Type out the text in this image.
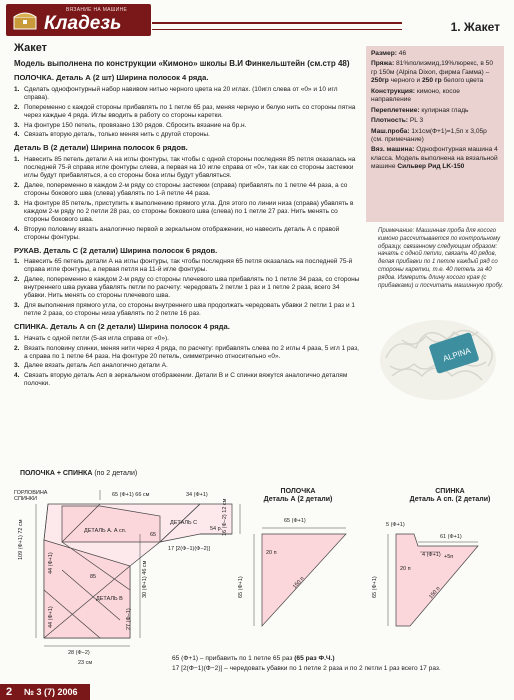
ВЯЗАНИЕ НА МАШИНЕ
Кладезь	1. Жакет
Жакет
Модель выполнена по конструкции «Кимоно» школы В.И Финкельштейн (см.стр 48)
ПОЛОЧКА. Деталь А (2 шт) Ширина полосок 4 ряда.
1. Сделать однофонтурный набор навивом нитью черного цвета на 20 иглах. (10игл слева от «0» и 10 игл справа).
2. Попеременно с каждой стороны прибавлять по 1 петле 65 раз, меняя черную и белую нить со стороны пятна через каждые 4 ряда. Иглы вводить в работу со стороны каретки.
3. На фонтуре 150 петель, провязано 130 рядов. Сбросить вязание на бр.н.
4. Связать вторую деталь, только меняя нить с другой стороны.
Деталь В (2 детали) Ширина полосок 6 рядов.
1. Навесить 85 петель детали А на иглы фонтуры, так чтобы с одной стороны последняя 85 петля оказалась на последней 75-й справа игле фонтуры слева, а первая на 10 игле справа от «0», так как со стороны застежки иглы будут прибавляться, а со стороны бока иглы будут убавляться.
2. Далее, попеременно в каждом 2-м ряду со стороны застежки (справа) прибавлять по 1 петле 44 раза, а со стороны бокового шва (слева) убавлять по 1-й петле 44 раза.
3. На фонтуре 85 петель, приступить к выполнению прямого угла. Для этого по линии низа (справа) убавлять в каждом 2-м ряду по 2 петли 28 раз, со стороны бокового шва (слева) по 1 петле 27 раз. Нить менять со стороны бокового шва.
4. Вторую половину вязать аналогично первой в зеркальном отображении, но навесить деталь А с правой стороны фонтуры.
РУКАВ. Деталь С (2 детали) Ширина полосок 6 рядов.
1. Навесить 65 петель детали А на иглы фонтуры, так чтобы последняя 65 петля оказалась на последней 75-й справа игле фонтуры, а первая петля на 11-й игле фонтуры.
2. Далее, попеременно в каждом 2-м ряду со стороны плечевого шва прибавлять по 1 петле 34 раза, со стороны внутреннего шва рукава убавлять петли по расчету: чередовать 2 петли 1 раз и 1 петле 2 раза, всего 34 убавки. Нить менять со стороны плечевого шва.
3. Для выполнения прямого угла, со стороны внутреннего шва продолжать чередовать убавки 2 петли 1 раз и 1 петле 2 раза, со стороны низа убавлять по 2 петле 16 раз.
СПИНКА. Деталь А сп (2 детали) Ширина полосок 4 ряда.
1. Начать с одной петли (5-ая игла справа от «0»).
2. Вязать половину спинки, меняя нити через 4 ряда, по расчету: прибавлять слева по 2 иглы 4 раза, 5 игл 1 раз, а справа по 1 петле 64 раза. На фонтуре 20 петель, симметрично относительно «0».
3. Далее вязать деталь Асп аналогично детали А.
4. Связать вторую деталь Асп в зеркальном отображении. Детали В и С спинки вяжутся аналогично деталям полочки.

Размер: 46

Пряжа: 81%полиэмид,19%люрекс, в 50 гр 150м (Alpina Dixon, фирма Гамма) – 250гр черного и 250 гр белого цвета

Конструкция: кимоно, косое направление

Переплетение: кулирная гладь

Плотность: PL 3

Маш.проба: 1х1см(Ф+1)=1,5п х 3,05р (см. примечание)

Вяз. машина: Однофонтурная машина 4 класса. Модель выполнена на вязальной машине Сильвер Рид LK-150

Примечание: Машинная проба для косого кимоно рассчитывается по контрольному образцу, связанному следующим образом: начать с одной петли, связать 40 рядов, делая прибавки по 1 петле каждый ряд со стороны каретки, т.е. 40 петель за 40 рядов. Измерить длину косого края (с прибавками) и посчитать машинную пробу.
ALPINA
ПОЛОЧКА + СПИНКА (по 2 детали)
ПОЛОЧКА
Деталь А (2 детали)
СПИНКА
Деталь А сп. (2 детали)
ГОРЛОВИНА СПИНКИ
65 (Ф+1) 66 см	34 (Ф+1)
ДЕТАЛЬ А. А сп.
ДЕТАЛЬ С
ДЕТАЛЬ В
85
65
54 р.
17 [2(Ф−1)(Ф−2)]
109 (Ф+1) 72 см
44 (Ф+1)
44 (Ф+1)	27 (Ф−1)
30 (Ф+1) 46 см
16 (Ф−2) 12 см
28 (Ф−2)
23 см
65 (Ф+1)
65 (Ф+1)
20 п
150 п
5 (Ф+1)
61 (Ф+1)
4 (Ф+1) +5п
65 (Ф+1)
20 п
150 п
65 (Ф+1) – прибавить по 1 петле 65 раз (65 раз Ф.Ч.)
17 [2(Ф−1)(Ф−2)] – чередовать убавки по 1 петле 2 раза и по 2 петли 1 раз всего 17 раз.
2 № 3 (7) 2006
